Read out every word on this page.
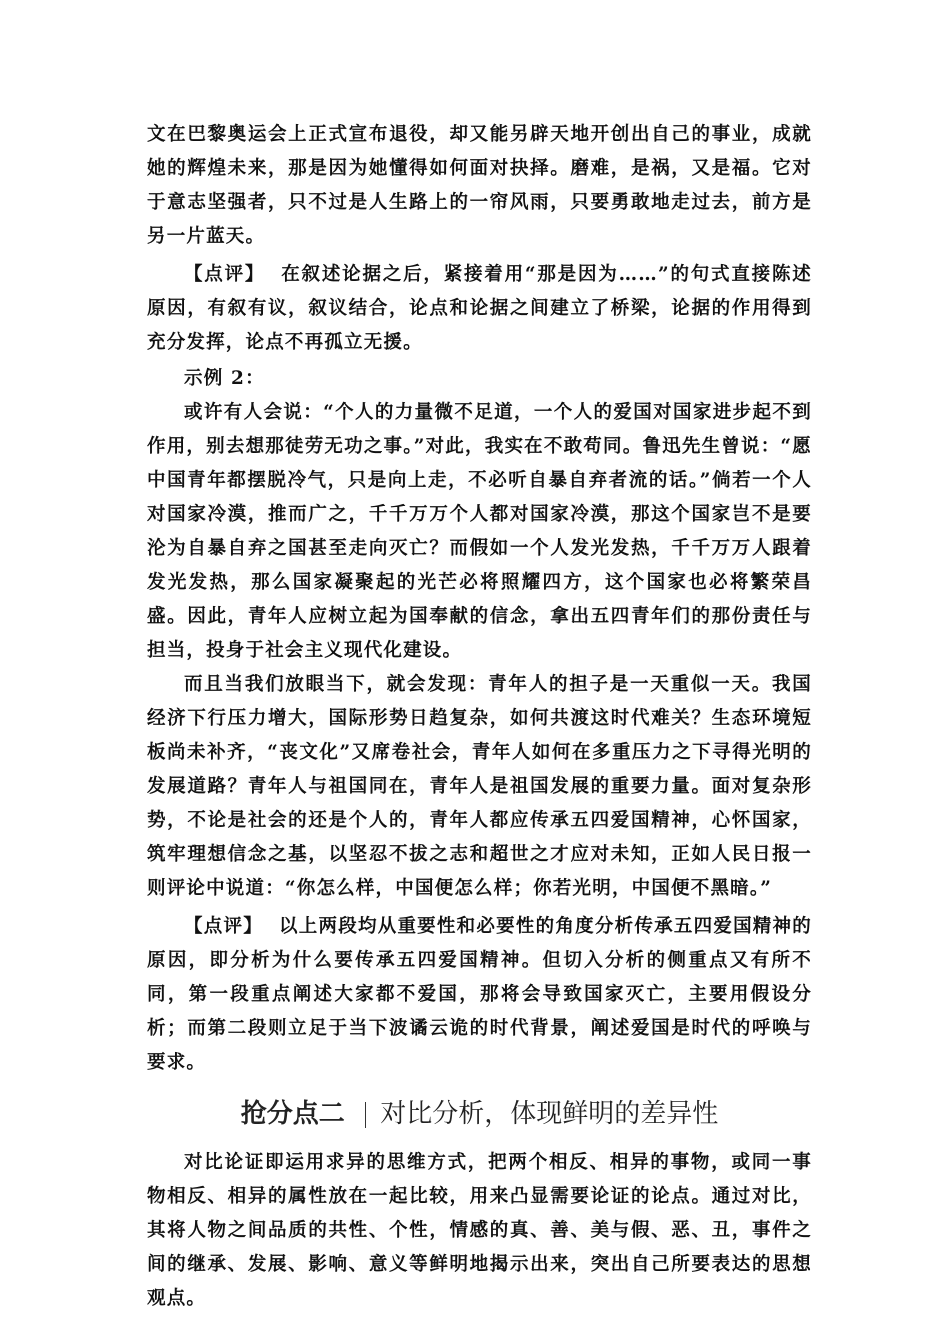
文在巴黎奥运会上正式宣布退役，却又能另辟天地开创出自己的事业，成就她的辉煌未来，那是因为她懂得如何面对抉择。磨难，是祸，又是福。它对于意志坚强者，只不过是人生路上的一帘风雨，只要勇敢地走过去，前方是另一片蓝天。

【点评】 在叙述论据之后，紧接着用“那是因为……”的句式直接陈述原因，有叙有议，叙议结合，论点和论据之间建立了桥梁，论据的作用得到充分发挥，论点不再孤立无援。

示例 2：

或许有人会说：“个人的力量微不足道，一个人的爱国对国家进步起不到作用，别去想那徒劳无功之事。”对此，我实在不敢苟同。鲁迅先生曾说：“愿中国青年都摆脱冷气，只是向上走，不必听自暴自弃者流的话。”倘若一个人对国家冷漠，推而广之，千千万万个人都对国家冷漠，那这个国家岂不是要沦为自暴自弃之国甚至走向灭亡？而假如一个人发光发热，千千万万人跟着发光发热，那么国家凝聚起的光芒必将照耀四方，这个国家也必将繁荣昌盛。因此，青年人应树立起为国奉献的信念，拿出五四青年们的那份责任与担当，投身于社会主义现代化建设。

而且当我们放眼当下，就会发现：青年人的担子是一天重似一天。我国经济下行压力增大，国际形势日趋复杂，如何共渡这时代难关？生态环境短板尚未补齐，“丧文化”又席卷社会，青年人如何在多重压力之下寻得光明的发展道路？青年人与祖国同在，青年人是祖国发展的重要力量。面对复杂形势，不论是社会的还是个人的，青年人都应传承五四爱国精神，心怀国家，筑牢理想信念之基，以坚忍不拔之志和超世之才应对未知，正如人民日报一则评论中说道：“你怎么样，中国便怎么样；你若光明，中国便不黑暗。”

【点评】 以上两段均从重要性和必要性的角度分析传承五四爱国精神的原因，即分析为什么要传承五四爱国精神。但切入分析的侧重点又有所不同，第一段重点阐述大家都不爱国，那将会导致国家灭亡，主要用假设分析；而第二段则立足于当下波谲云诡的时代背景，阐述爱国是时代的呼唤与要求。

抢分点二 对比分析，体现鲜明的差异性

对比论证即运用求异的思维方式，把两个相反、相异的事物，或同一事物相反、相异的属性放在一起比较，用来凸显需要论证的论点。通过对比，其将人物之间品质的共性、个性，情感的真、善、美与假、恶、丑，事件之间的继承、发展、影响、意义等鲜明地揭示出来，突出自己所要表达的思想观点。
